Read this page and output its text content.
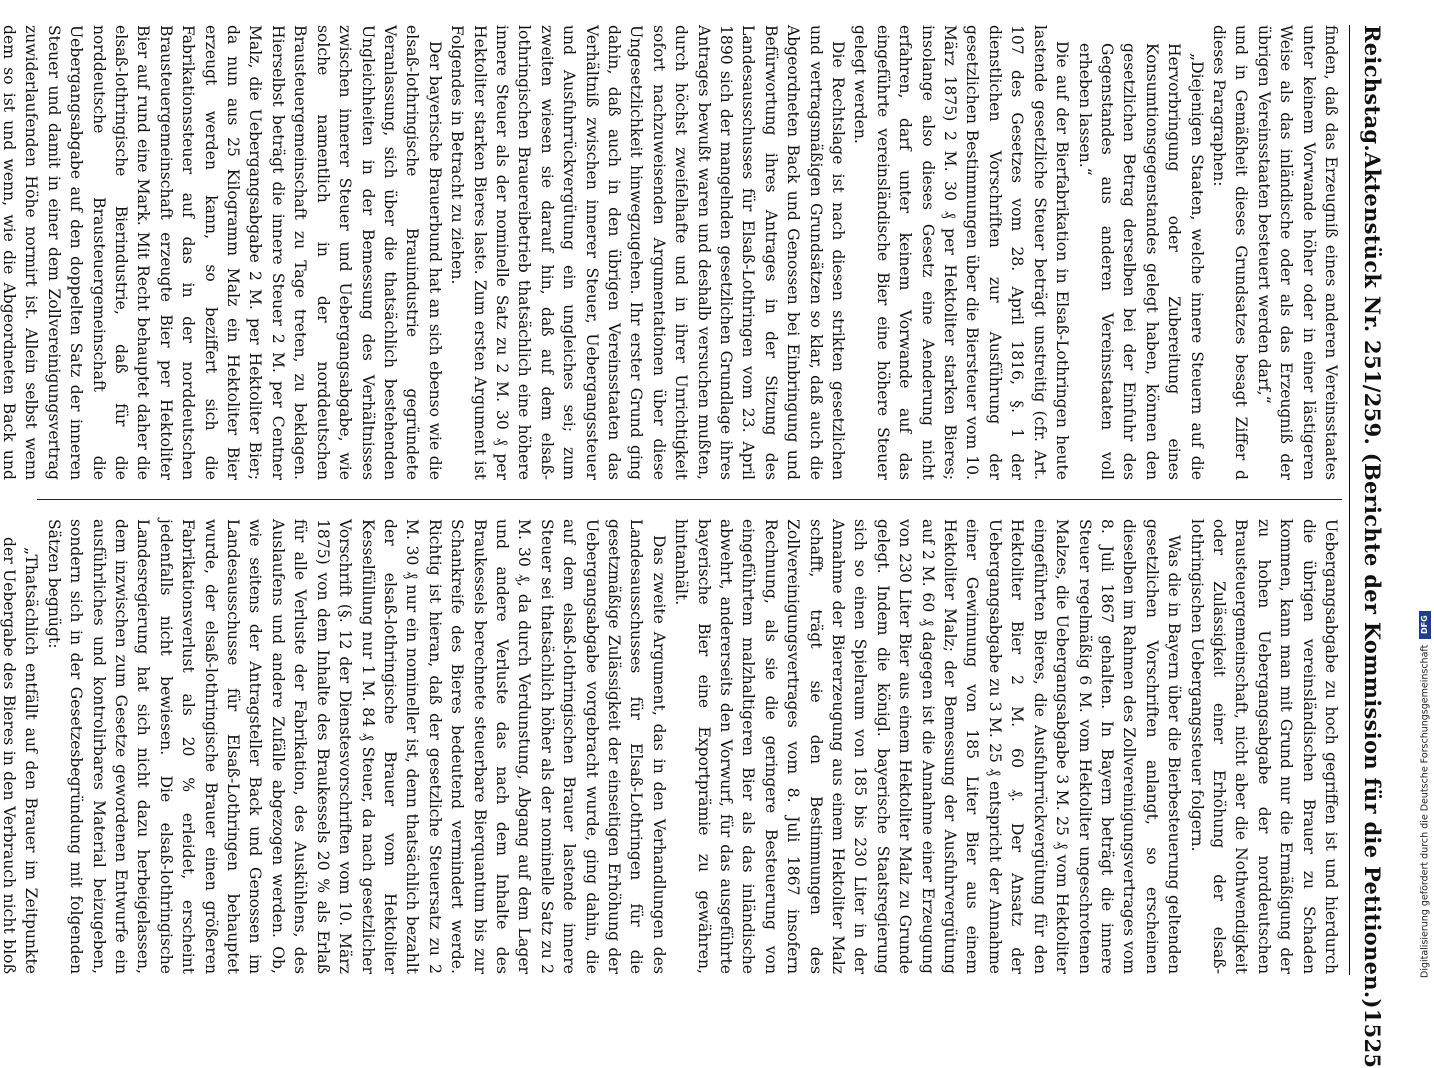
Reichstag.
Aktenstück Nr. 251/259. (Berichte der Kommission für die Petitionen.)
1525

finden, daß das Erzeugniß eines anderen Vereinsstaates unter keinem Vorwande höher oder in einer lästigeren Weise als das inländische oder als das Erzeugniß der übrigen Vereinsstaaten besteuert werden darf,“

und in Gemäßheit dieses Grundsatzes besagt Ziffer d dieses Paragraphen:

„Diejenigen Staaten, welche innere Steuern auf die Hervorbringung oder Zubereitung eines Konsumtionsgegenstandes gelegt haben, können den gesetzlichen Betrag derselben bei der Einfuhr des Gegenstandes aus anderen Vereinsstaaten voll erheben lassen.“

Die auf der Bierfabrikation in Elsaß-Lothringen heute lastende gesetzliche Steuer beträgt unstreitig (cfr. Art. 107 des Gesetzes vom 28. April 1816, §. 1 der dienstlichen Vorschriften zur Ausführung der gesetzlichen Bestimmungen über die Biersteuer vom 10. März 1875) 2 M. 30 ₰ per Hektoliter starken Bieres; insolange also dieses Gesetz eine Aenderung nicht erfahren, darf unter keinem Vorwande auf das eingeführte vereinsländische Bier eine höhere Steuer gelegt werden.

Die Rechtslage ist nach diesen strikten gesetzlichen und vertragsmäßigen Grundsätzen so klar, daß auch die Abgeordneten Back und Genossen bei Einbringung und Befürwortung ihres Antrages in der Sitzung des Landesausschusses für Elsaß-Lothringen vom 23. April 1890 sich der mangelnden gesetzlichen Grundlage ihres Antrages bewußt waren und deshalb versuchen mußten, durch höchst zweifelhafte und in ihrer Unrichtigkeit sofort nachzuweisenden Argumentationen über diese Ungesetzlichkeit hinwegzugehen. Ihr erster Grund ging dahin, daß auch in den übrigen Vereinsstaaten das Verhältniß zwischen innerer Steuer, Uebergangssteuer und Ausfuhrrückvergütung ein ungleiches sei; zum zweiten wiesen sie darauf hin, daß auf dem elsaß-lothringischen Brauereibetrieb thatsächlich eine höhere innere Steuer als der nominelle Satz zu 2 M. 30 ₰ per Hektoliter starken Bieres laste. Zum ersten Argument ist Folgendes in Betracht zu ziehen.

Der bayerische Brauerbund hat an sich ebenso wie die elsaß-lothringische Brauindustrie gegründete Veranlassung, sich über die thatsächlich bestehenden Ungleichheiten in der Bemessung des Verhältnisses zwischen innerer Steuer und Uebergangsabgabe, wie solche namentlich in der norddeutschen Brausteuergemeinschaft zu Tage treten, zu beklagen. Hierselbst beträgt die innere Steuer 2 M. per Centner Malz, die Uebergangsabgabe 2 M. per Hektoliter Bier; da nun aus 25 Kilogramm Malz ein Hektoliter Bier erzeugt werden kann, so beziffert sich die Fabrikationssteuer auf das in der norddeutschen Brausteuergemeinschaft erzeugte Bier per Hektoliter Bier auf rund eine Mark. Mit Recht behauptet daher die elsaß-lothringische Bierindustrie, daß für die norddeutsche Brausteuergemeinschaft die Uebergangsabgabe auf den doppelten Satz der inneren Steuer und damit in einer dem Zollvereinigungsvertrag zuwiderlaufenden Höhe normirt ist. Allein selbst wenn dem so ist und wenn, wie die Abgeordneten Back und

Uebergangsabgabe zu hoch gegriffen ist und hierdurch die übrigen vereinsländischen Brauer zu Schaden kommen, kann man mit Grund nur die Ermäßigung der zu hohen Uebergangsabgabe der norddeutschen Brausteuergemeinschaft, nicht aber die Nothwendigkeit oder Zulässigkeit einer Erhöhung der elsaß-lothringischen Uebergangssteuer folgern.

Was die in Bayern über die Bierbesteuerung geltenden gesetzlichen Vorschriften anlangt, so erscheinen dieselben im Rahmen des Zollvereinigungsvertrages vom 8. Juli 1867 gehalten. In Bayern beträgt die innere Steuer regelmäßig 6 M. vom Hektoliter ungeschrotenen Malzes, die Uebergangsabgabe 3 M. 25 ₰ vom Hektoliter eingeführten Bieres, die Ausfuhrrückvergütung für den Hektoliter Bier 2 M. 60 ₰. Der Ansatz der Uebergangsabgabe zu 3 M. 25 ₰ entspricht der Annahme einer Gewinnung von 185 Liter Bier aus einem Hektoliter Malz; der Bemessung der Ausfuhrvergütung auf 2 M. 60 ₰ dagegen ist die Annahme einer Erzeugung von 230 Liter Bier aus einem Hektoliter Malz zu Grunde gelegt. Indem die königl. bayerische Staatsregierung sich so einen Spielraum von 185 bis 230 Liter in der Annahme der Biererzeugung aus einem Hektoliter Malz schafft, trägt sie den Bestimmungen des Zollvereinigungsvertrages vom 8. Juli 1867 insofern Rechnung, als sie die geringere Besteuerung von eingeführtem malzhaltigeren Bier als das inländische abwehrt, andererseits den Vorwurf, für das ausgeführte bayerische Bier eine Exportprämie zu gewähren, hintanhält.

Das zweite Argument, das in den Verhandlungen des Landesausschusses für Elsaß-Lothringen für die gesetzmäßige Zulässigkeit der einseitigen Erhöhung der Uebergangsabgabe vorgebracht wurde, ging dahin, die auf dem elsaß-lothringischen Brauer lastende innere Steuer sei thatsächlich höher als der nominelle Satz zu 2 M. 30 ₰, da durch Verdunstung, Abgang auf dem Lager und andere Verluste das nach dem Inhalte des Braukessels berechnete steuerbare Bierquantum bis zur Schankreife des Bieres bedeutend vermindert werde. Richtig ist hieran, daß der gesetzliche Steuersatz zu 2 M. 30 ₰ nur ein nomineller ist, denn thatsächlich bezahlt der elsaß-lothringische Brauer vom Hektoliter Kesselfüllung nur 1 M. 84 ₰ Steuer, da nach gesetzlicher Vorschrift (§. 12 der Dienstesvorschriften vom 10. März 1875) von dem Inhalte des Braukessels 20 % als Erlaß für alle Verluste der Fabrikation, des Auskühlens, des Auslaufens und andere Zufälle abgezogen werden. Ob, wie seitens der Antragsteller Back und Genossen im Landesausschusse für Elsaß-Lothringen behauptet wurde, der elsaß-lothringische Brauer einen größeren Fabrikationsverlust als 20 % erleidet, erscheint jedenfalls nicht bewiesen. Die elsaß-lothringische Landesregierung hat sich nicht dazu herbeigelassen, dem inzwischen zum Gesetze gewordenen Entwurfe ein ausführliches und kontrolirbares Material beizugeben, sondern sich in der Gesetzesbegründung mit folgenden Sätzen begnügt:

„Thatsächlich entfällt auf den Brauer im Zeitpunkte der Uebergabe des Bieres in den Verbrauch nicht bloß	Digitalisierung gefördert durch die Deutsche Forschungsgemeinschaft
DFG
